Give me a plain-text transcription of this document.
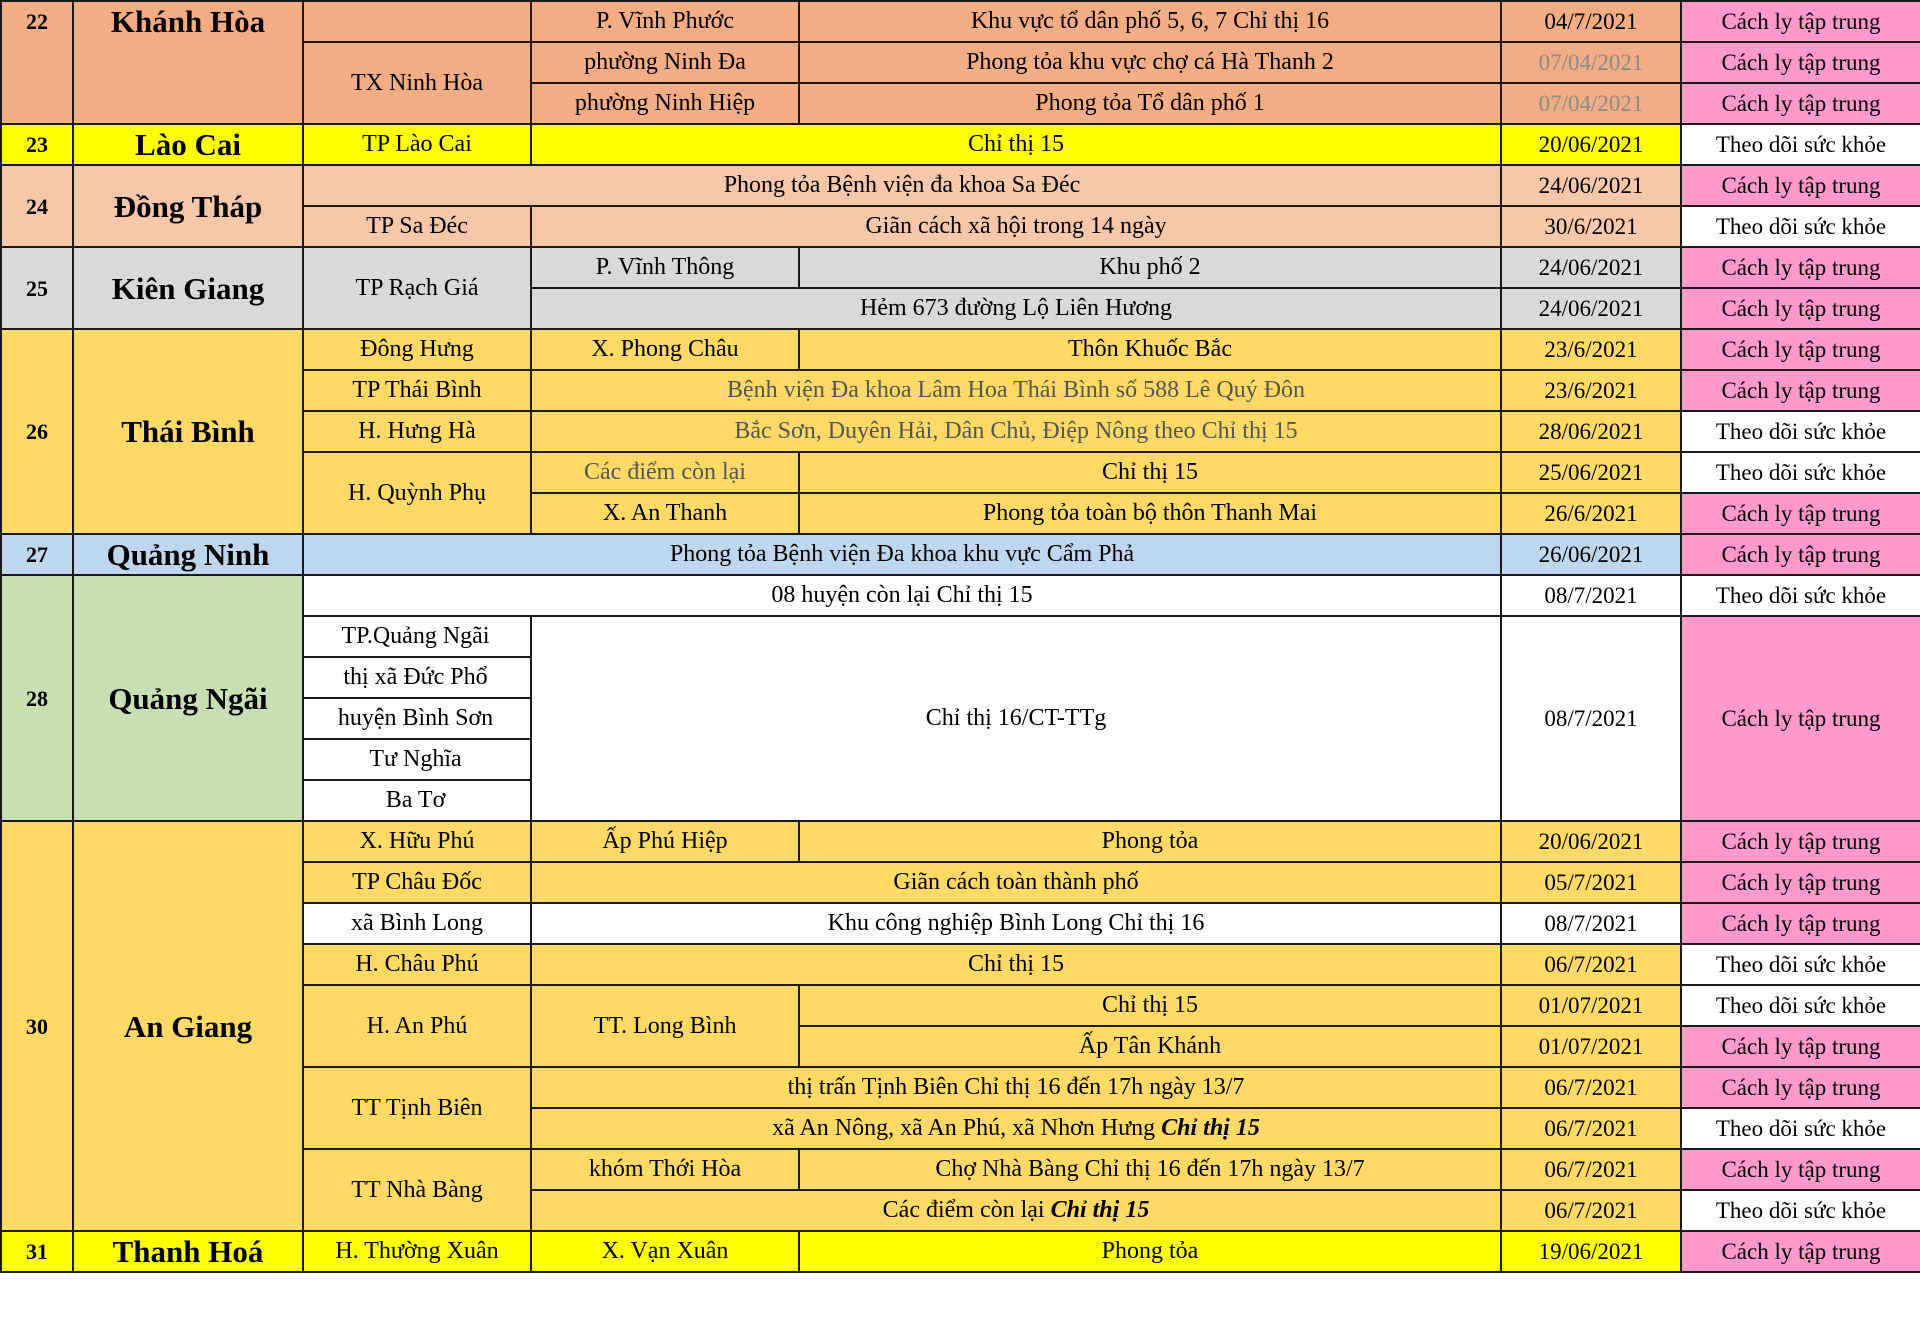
22	Khánh Hòa		P. Vĩnh Phước	Khu vực tổ dân phố 5, 6, 7 Chỉ thị 16	04/7/2021	Cách ly tập trung
		TX Ninh Hòa	phường Ninh Đa	Phong tỏa khu vực chợ cá Hà Thanh 2	07/04/2021	Cách ly tập trung
			phường Ninh Hiệp	Phong tỏa Tổ dân phố 1	07/04/2021	Cách ly tập trung
23	Lào Cai	TP Lào Cai	Chỉ thị 15		20/06/2021	Theo dõi sức khỏe
24	Đồng Tháp	Phong tỏa Bệnh viện đa khoa Sa Đéc			24/06/2021	Cách ly tập trung
		TP Sa Đéc	Giãn cách xã hội trong 14 ngày		30/6/2021	Theo dõi sức khỏe
25	Kiên Giang	TP Rạch Giá	P. Vĩnh Thông	Khu phố 2	24/06/2021	Cách ly tập trung
			Hẻm 673 đường Lộ Liên Hương		24/06/2021	Cách ly tập trung
26	Thái Bình	Đông Hưng	X. Phong Châu	Thôn Khuốc Bắc	23/6/2021	Cách ly tập trung
		TP Thái Bình	Bệnh viện Đa khoa Lâm Hoa Thái Bình số 588 Lê Quý Đôn		23/6/2021	Cách ly tập trung
		H. Hưng Hà	Bắc Sơn, Duyên Hải, Dân Chủ, Điệp Nông theo Chỉ thị 15		28/06/2021	Theo dõi sức khỏe
		H. Quỳnh Phụ	Các điểm còn lại	Chỉ thị 15	25/06/2021	Theo dõi sức khỏe
			X. An Thanh	Phong tỏa toàn bộ thôn Thanh Mai	26/6/2021	Cách ly tập trung
27	Quảng Ninh	Phong tỏa Bệnh viện Đa khoa khu vực Cẩm Phả			26/06/2021	Cách ly tập trung
28	Quảng Ngãi	08 huyện còn lại Chỉ thị 15			08/7/2021	Theo dõi sức khỏe
		TP.Quảng Ngãi	Chỉ thị 16/CT-TTg		08/7/2021	Cách ly tập trung
		thị xã Đức Phổ				
		huyện Bình Sơn				
		Tư Nghĩa				
		Ba Tơ				
30	An Giang	X. Hữu Phú	Ấp Phú Hiệp	Phong tỏa	20/06/2021	Cách ly tập trung
		TP Châu Đốc	Giãn cách toàn thành phố		05/7/2021	Cách ly tập trung
		xã Bình Long	Khu công nghiệp Bình Long Chỉ thị 16		08/7/2021	Cách ly tập trung
		H. Châu Phú	Chỉ thị 15		06/7/2021	Theo dõi sức khỏe
		H. An Phú	TT. Long Bình	Chỉ thị 15	01/07/2021	Theo dõi sức khỏe
				Ấp Tân Khánh	01/07/2021	Cách ly tập trung
		TT Tịnh Biên	thị trấn Tịnh Biên Chỉ thị 16 đến 17h ngày 13/7		06/7/2021	Cách ly tập trung
			xã An Nông, xã An Phú, xã Nhơn Hưng Chỉ thị 15		06/7/2021	Theo dõi sức khỏe
		TT Nhà Bàng	khóm Thới Hòa	Chợ Nhà Bàng Chỉ thị 16 đến 17h ngày 13/7	06/7/2021	Cách ly tập trung
			Các điểm còn lại Chỉ thị 15		06/7/2021	Theo dõi sức khỏe
31	Thanh Hoá	H. Thường Xuân	X. Vạn Xuân	Phong tỏa	19/06/2021	Cách ly tập trung
